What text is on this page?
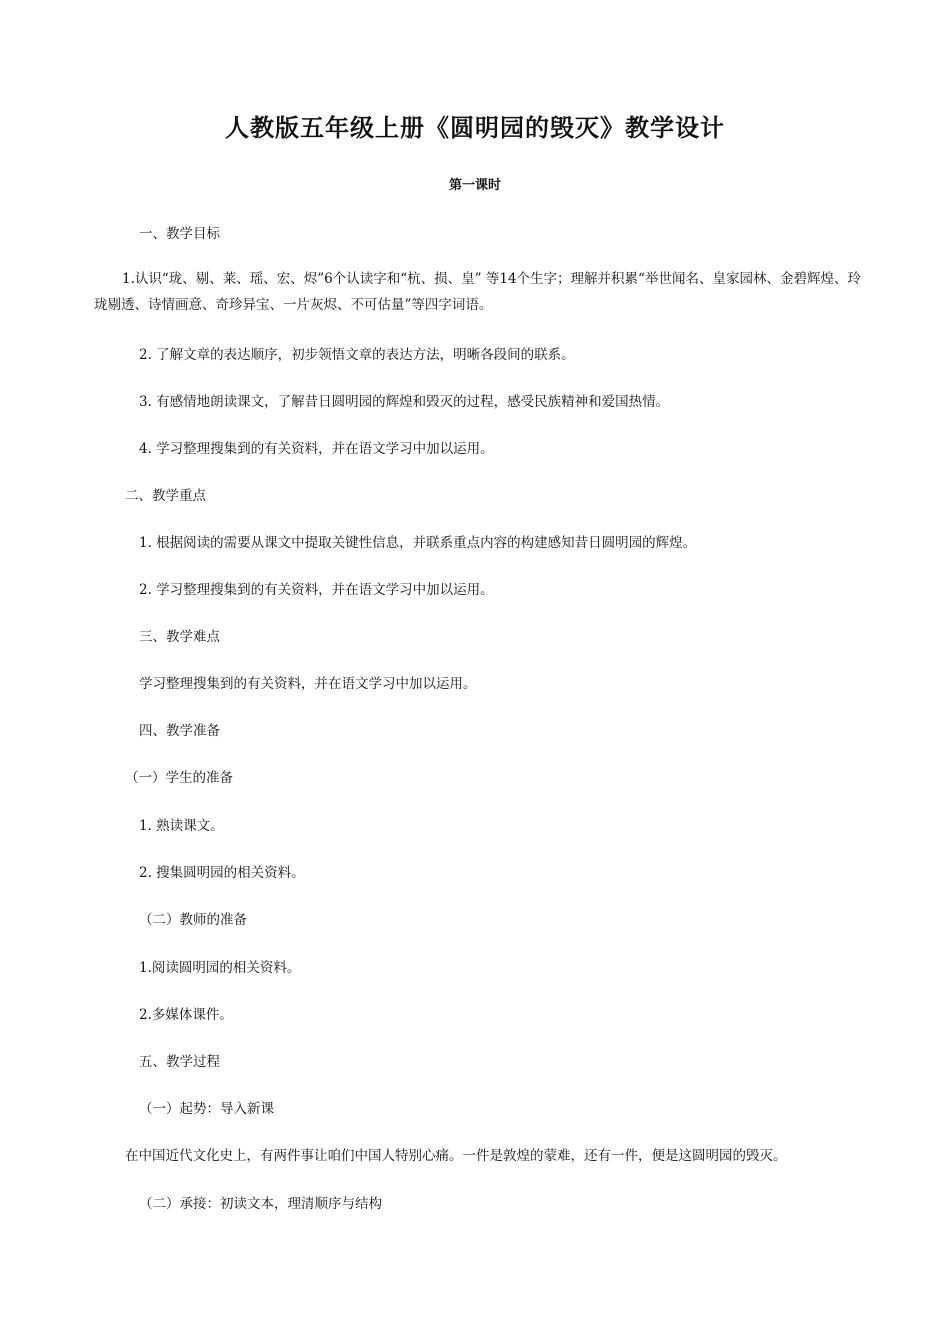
人教版五年级上册《圆明园的毁灭》教学设计
第一课时
一、教学目标
1.认识“珑、剔、莱、瑶、宏、烬”6个认读字和“杭、损、皇” 等14个生字；理解并积累“举世闻名、皇家园林、金碧辉煌、玲珑剔透、诗情画意、奇珍异宝、一片灰烬、不可估量”等四字词语。
2. 了解文章的表达顺序，初步领悟文章的表达方法，明晰各段间的联系。
3. 有感情地朗读课文，了解昔日圆明园的辉煌和毁灭的过程，感受民族精神和爱国热情。
4. 学习整理搜集到的有关资料，并在语文学习中加以运用。
二、教学重点
1. 根据阅读的需要从课文中提取关键性信息，并联系重点内容的构建感知昔日圆明园的辉煌。
2. 学习整理搜集到的有关资料，并在语文学习中加以运用。
三、教学难点
学习整理搜集到的有关资料，并在语文学习中加以运用。
四、教学准备
（一）学生的准备
1. 熟读课文。
2. 搜集圆明园的相关资料。
（二）教师的准备
1.阅读圆明园的相关资料。
2.多媒体课件。
五、教学过程
（一）起势：导入新课
在中国近代文化史上，有两件事让咱们中国人特别心痛。一件是敦煌的蒙难，还有一件，便是这圆明园的毁灭。
（二）承接：初读文本，理清顺序与结构
